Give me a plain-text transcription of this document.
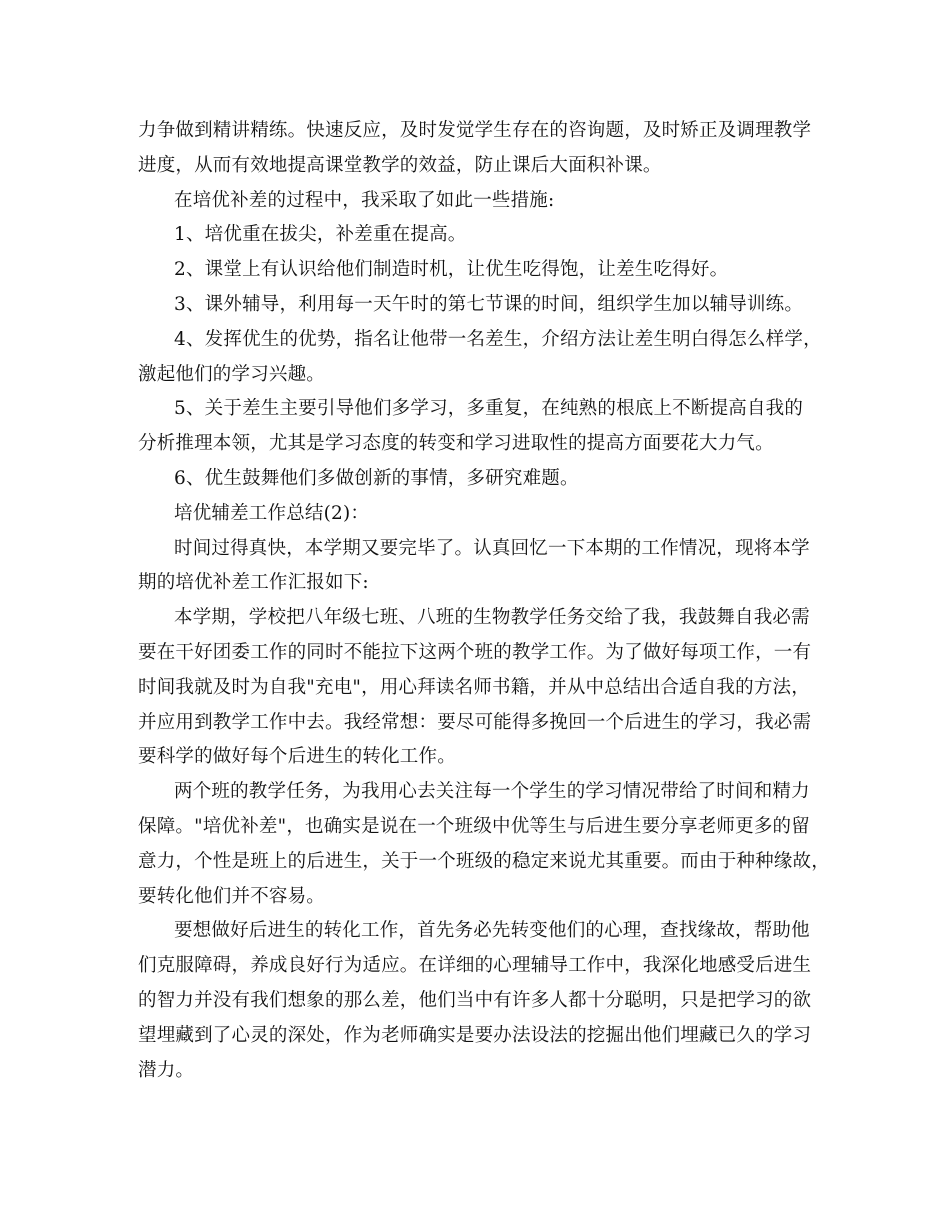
力争做到精讲精练。快速反应，及时发觉学生存在的咨询题，及时矫正及调理教学
进度，从而有效地提高课堂教学的效益，防止课后大面积补课。
在培优补差的过程中，我采取了如此一些措施:
1、培优重在拔尖，补差重在提高。
2、课堂上有认识给他们制造时机，让优生吃得饱，让差生吃得好。
3、课外辅导，利用每一天午时的第七节课的时间，组织学生加以辅导训练。
4、发挥优生的优势，指名让他带一名差生，介绍方法让差生明白得怎么样学，
激起他们的学习兴趣。
5、关于差生主要引导他们多学习，多重复，在纯熟的根底上不断提高自我的
分析推理本领，尤其是学习态度的转变和学习进取性的提高方面要花大力气。
6、优生鼓舞他们多做创新的事情，多研究难题。
培优辅差工作总结(2)：
时间过得真快，本学期又要完毕了。认真回忆一下本期的工作情况，现将本学
期的培优补差工作汇报如下:
本学期，学校把八年级七班、八班的生物教学任务交给了我，我鼓舞自我必需
要在干好团委工作的同时不能拉下这两个班的教学工作。为了做好每项工作，一有
时间我就及时为自我"充电"，用心拜读名师书籍，并从中总结出合适自我的方法，
并应用到教学工作中去。我经常想：要尽可能得多挽回一个后进生的学习，我必需
要科学的做好每个后进生的转化工作。
两个班的教学任务，为我用心去关注每一个学生的学习情况带给了时间和精力
保障。"培优补差"，也确实是说在一个班级中优等生与后进生要分享老师更多的留
意力，个性是班上的后进生，关于一个班级的稳定来说尤其重要。而由于种种缘故，
要转化他们并不容易。
要想做好后进生的转化工作，首先务必先转变他们的心理，查找缘故，帮助他
们克服障碍，养成良好行为适应。在详细的心理辅导工作中，我深化地感受后进生
的智力并没有我们想象的那么差，他们当中有许多人都十分聪明，只是把学习的欲
望埋藏到了心灵的深处，作为老师确实是要办法设法的挖掘出他们埋藏已久的学习
潜力。
